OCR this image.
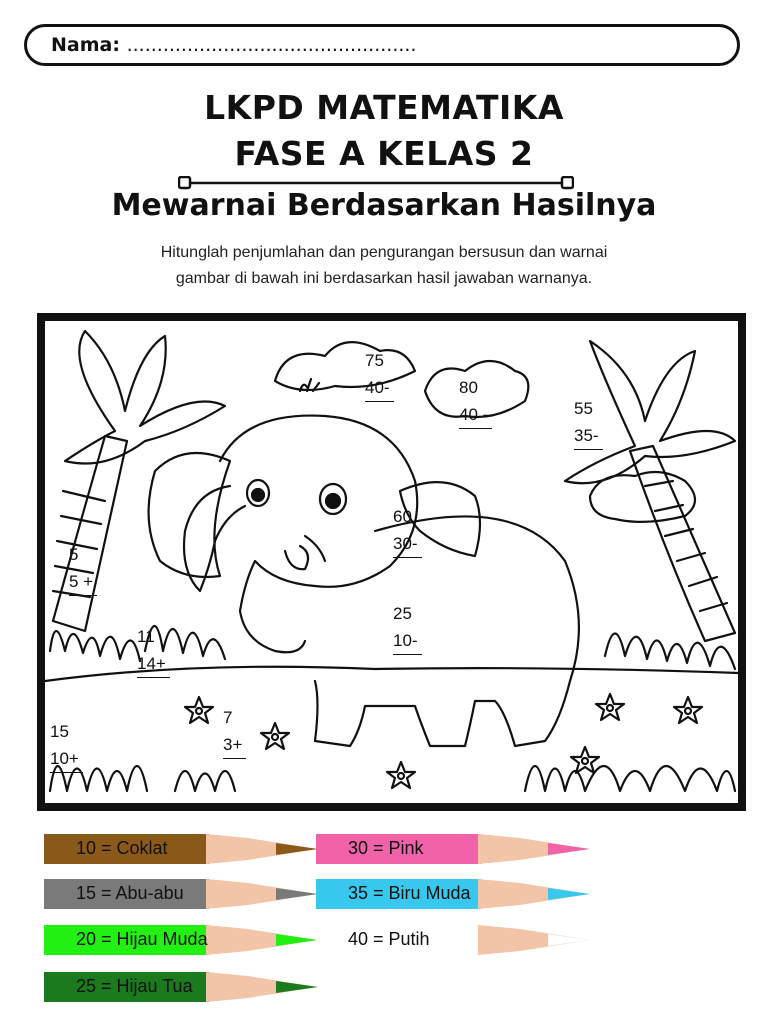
Nama: ................................................
LKPD MATEMATIKA
FASE A KELAS 2
Mewarnai Berdasarkan Hasilnya
Hitunglah penjumlahan dan pengurangan bersusun dan warnai
gambar di bawah ini berdasarkan hasil jawaban warnanya.
75
40-	80
40 -	55
35-
60
30-
5
5 +
25
10-
11
14+
7
3+
15
10+
10 = Coklat	30 = Pink
15 = Abu-abu	35 = Biru Muda
20 = Hijau Muda	40 = Putih
25 = Hijau Tua
